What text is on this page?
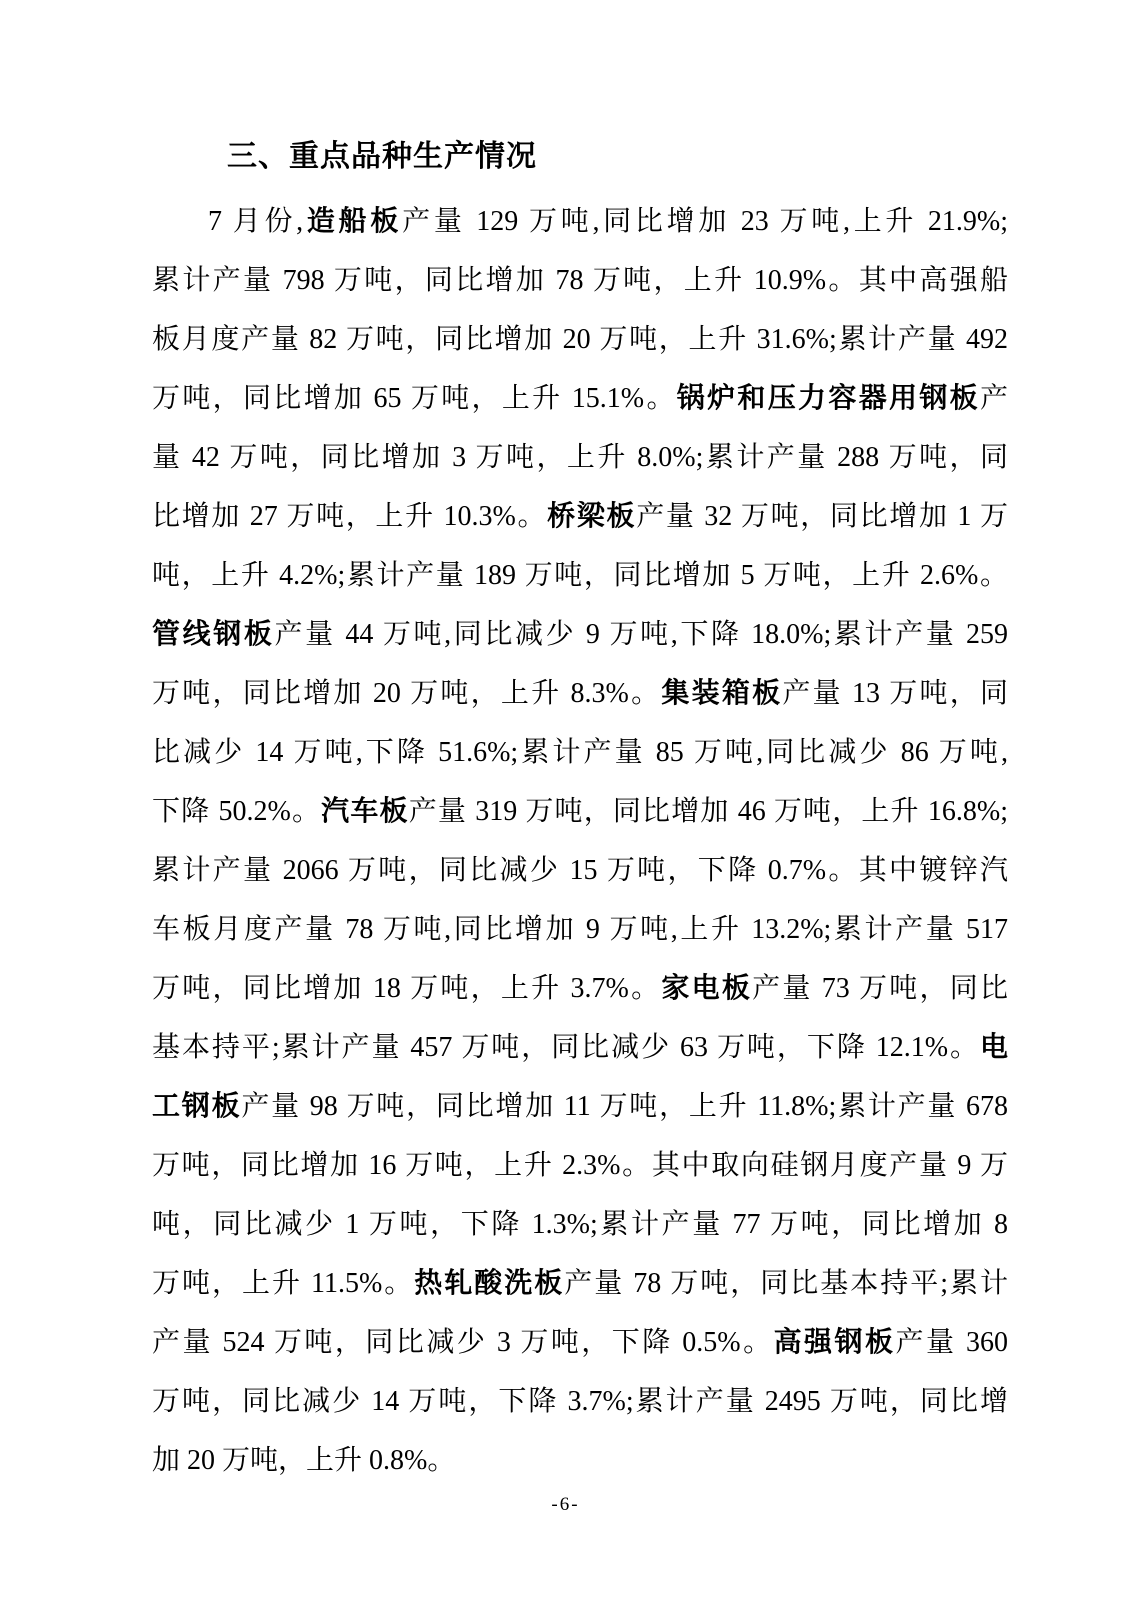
三、重点品种生产情况
7 月份,造船板产量 129 万吨,同比增加 23 万吨,上升 21.9%;
累计产量 798 万吨，同比增加 78 万吨，上升 10.9%。其中高强船
板月度产量 82 万吨，同比增加 20 万吨，上升 31.6%;累计产量 492
万吨，同比增加 65 万吨，上升 15.1%。锅炉和压力容器用钢板产
量 42 万吨，同比增加 3 万吨，上升 8.0%;累计产量 288 万吨，同
比增加 27 万吨，上升 10.3%。桥梁板产量 32 万吨，同比增加 1 万
吨，上升 4.2%;累计产量 189 万吨，同比增加 5 万吨，上升 2.6%。
管线钢板产量 44 万吨,同比减少 9 万吨,下降 18.0%;累计产量 259
万吨，同比增加 20 万吨，上升 8.3%。集装箱板产量 13 万吨，同
比减少 14 万吨,下降 51.6%;累计产量 85 万吨,同比减少 86 万吨,
下降 50.2%。汽车板产量 319 万吨，同比增加 46 万吨，上升 16.8%;
累计产量 2066 万吨，同比减少 15 万吨，下降 0.7%。其中镀锌汽
车板月度产量 78 万吨,同比增加 9 万吨,上升 13.2%;累计产量 517
万吨，同比增加 18 万吨，上升 3.7%。家电板产量 73 万吨，同比
基本持平;累计产量 457 万吨，同比减少 63 万吨，下降 12.1%。电
工钢板产量 98 万吨，同比增加 11 万吨，上升 11.8%;累计产量 678
万吨，同比增加 16 万吨，上升 2.3%。其中取向硅钢月度产量 9 万
吨，同比减少 1 万吨，下降 1.3%;累计产量 77 万吨，同比增加 8
万吨，上升 11.5%。热轧酸洗板产量 78 万吨，同比基本持平;累计
产量 524 万吨，同比减少 3 万吨，下降 0.5%。高强钢板产量 360
万吨，同比减少 14 万吨，下降 3.7%;累计产量 2495 万吨，同比增
加 20 万吨，上升 0.8%。
-6-
